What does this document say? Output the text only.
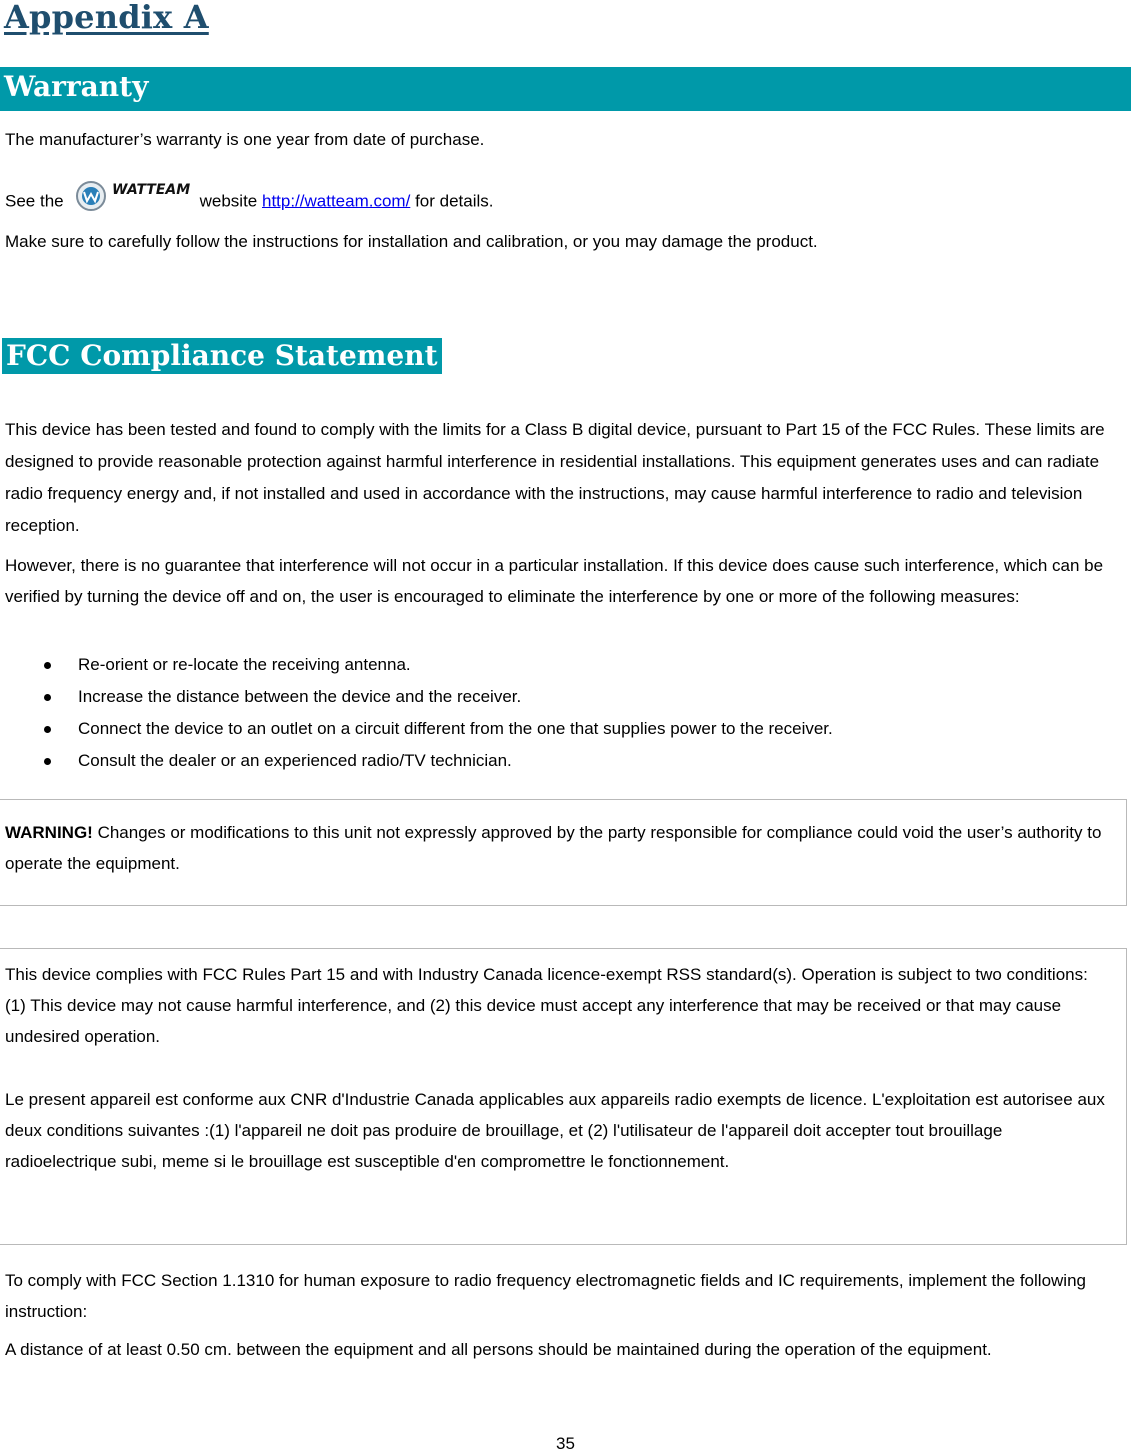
Appendix A
Warranty

The manufacturer’s warranty is one year from date of purchase.

See the
WATTEAM
website http://watteam.com/ for details.

Make sure to carefully follow the instructions for installation and calibration, or you may damage the product.

FCC Compliance Statement

This device has been tested and found to comply with the limits for a Class B digital device, pursuant to Part 15 of the FCC Rules. These limits are designed to provide reasonable protection against harmful interference in residential installations. This equipment generates uses and can radiate radio frequency energy and, if not installed and used in accordance with the instructions, may cause harmful interference to radio and television reception.

However, there is no guarantee that interference will not occur in a particular installation. If this device does cause such interference, which can be verified by turning the device off and on, the user is encouraged to eliminate the interference by one or more of the following measures:

Re-orient or re-locate the receiving antenna.
Increase the distance between the device and the receiver.
Connect the device to an outlet on a circuit different from the one that supplies power to the receiver.
Consult the dealer or an experienced radio/TV technician.

WARNING! Changes or modifications to this unit not expressly approved by the party responsible for compliance could void the user’s authority to operate the equipment.

This device complies with FCC Rules Part 15 and with Industry Canada licence-exempt RSS standard(s). Operation is subject to two conditions: (1) This device may not cause harmful interference, and (2) this device must accept any interference that may be received or that may cause undesired operation.

Le present appareil est conforme aux CNR d'Industrie Canada applicables aux appareils radio exempts de licence. L'exploitation est autorisee aux deux conditions suivantes :(1) l'appareil ne doit pas produire de brouillage, et (2) l'utilisateur de l'appareil doit accepter tout brouillage radioelectrique subi, meme si le brouillage est susceptible d'en compromettre le fonctionnement.

To comply with FCC Section 1.1310 for human exposure to radio frequency electromagnetic fields and IC requirements, implement the following instruction:

A distance of at least 0.50 cm. between the equipment and all persons should be maintained during the operation of the equipment.

35
